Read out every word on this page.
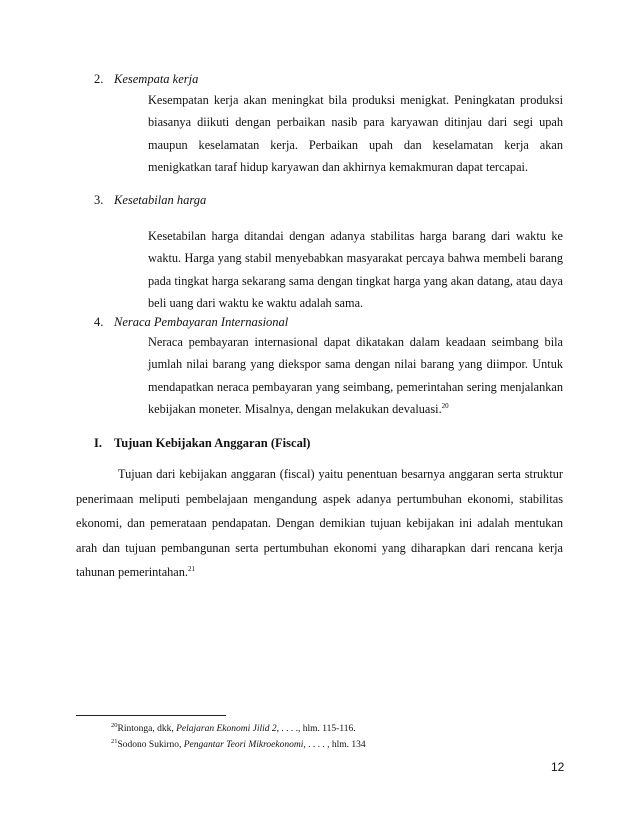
2. Kesempata kerja
Kesempatan kerja akan meningkat bila produksi menigkat. Peningkatan produksi biasanya diikuti dengan perbaikan nasib para karyawan ditinjau dari segi upah maupun keselamatan kerja. Perbaikan upah dan keselamatan kerja akan menigkatkan taraf hidup karyawan dan akhirnya kemakmuran dapat tercapai.
3. Kesetabilan harga
Kesetabilan harga ditandai dengan adanya stabilitas harga barang dari waktu ke waktu. Harga yang stabil menyebabkan masyarakat percaya bahwa membeli barang pada tingkat harga sekarang sama dengan tingkat harga yang akan datang, atau daya beli uang dari waktu ke waktu adalah sama.
4. Neraca Pembayaran Internasional
Neraca pembayaran internasional dapat dikatakan dalam keadaan seimbang bila jumlah nilai barang yang diekspor sama dengan nilai barang yang diimpor. Untuk mendapatkan neraca pembayaran yang seimbang, pemerintahan sering menjalankan kebijakan moneter. Misalnya, dengan melakukan devaluasi.$^{20}$
I. Tujuan Kebijakan Anggaran (Fiscal)
Tujuan dari kebijakan anggaran (fiscal) yaitu penentuan besarnya anggaran serta struktur penerimaan meliputi pembelajaan mengandung aspek adanya pertumbuhan ekonomi, stabilitas ekonomi, dan pemerataan pendapatan. Dengan demikian tujuan kebijakan ini adalah mentukan arah dan tujuan pembangunan serta pertumbuhan ekonomi yang diharapkan dari rencana kerja tahunan pemerintahan.$^{21}$
$^{20}$Rintonga, dkk, Pelajaran Ekonomi Jilid 2, . . . ., hlm. 115-116.
$^{21}$Sodono Sukirno, Pengantar Teori Mikroekonomi, . . . . , hlm. 134
12
